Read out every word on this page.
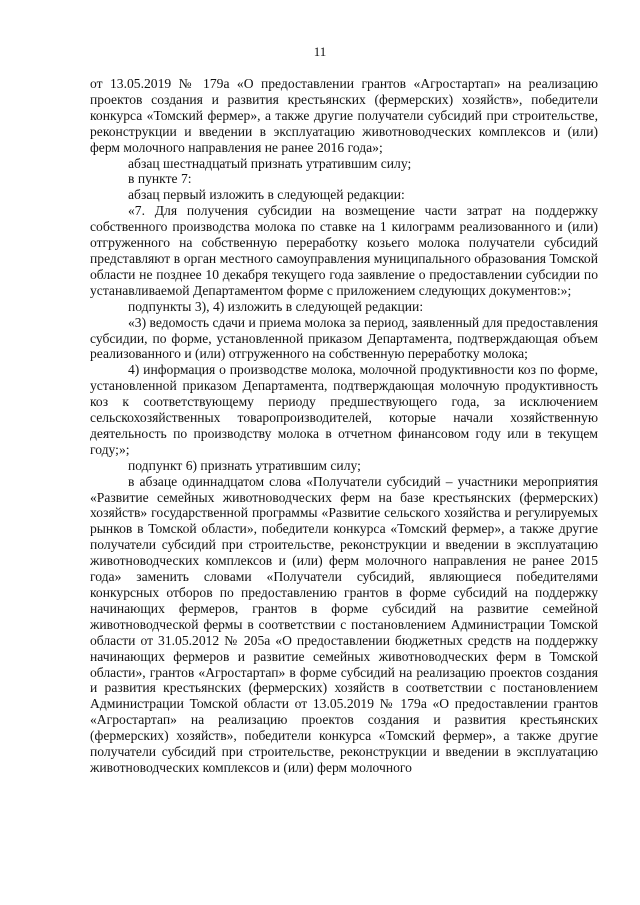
11

от 13.05.2019 № 179а «О предоставлении грантов «Агростартап» на реализацию проектов создания и развития крестьянских (фермерских) хозяйств», победители конкурса «Томский фермер», а также другие получатели субсидий при строительстве, реконструкции и введении в эксплуатацию животноводческих комплексов и (или) ферм молочного направления не ранее 2016 года»;

абзац шестнадцатый признать утратившим силу;

в пункте 7:

абзац первый изложить в следующей редакции:

«7. Для получения субсидии на возмещение части затрат на поддержку собственного производства молока по ставке на 1 килограмм реализованного и (или) отгруженного на собственную переработку козьего молока получатели субсидий представляют в орган местного самоуправления муниципального образования Томской области не позднее 10 декабря текущего года заявление о предоставлении субсидии по устанавливаемой Департаментом форме с приложением следующих документов:»;

подпункты 3), 4) изложить в следующей редакции:

«3) ведомость сдачи и приема молока за период, заявленный для предоставления субсидии, по форме, установленной приказом Департамента, подтверждающая объем реализованного и (или) отгруженного на собственную переработку молока;

4) информация о производстве молока, молочной продуктивности коз по форме, установленной приказом Департамента, подтверждающая молочную продуктивность коз к соответствующему периоду предшествующего года, за исключением сельскохозяйственных товаропроизводителей, которые начали хозяйственную деятельность по производству молока в отчетном финансовом году или в текущем году;»;

подпункт 6) признать утратившим силу;

в абзаце одиннадцатом слова «Получатели субсидий – участники мероприятия «Развитие семейных животноводческих ферм на базе крестьянских (фермерских) хозяйств» государственной программы «Развитие сельского хозяйства и регулируемых рынков в Томской области», победители конкурса «Томский фермер», а также другие получатели субсидий при строительстве, реконструкции и введении в эксплуатацию животноводческих комплексов и (или) ферм молочного направления не ранее 2015 года» заменить словами «Получатели субсидий, являющиеся победителями конкурсных отборов по предоставлению грантов в форме субсидий на поддержку начинающих фермеров, грантов в форме субсидий на развитие семейной животноводческой фермы в соответствии с постановлением Администрации Томской области от 31.05.2012 № 205а «О предоставлении бюджетных средств на поддержку начинающих фермеров и развитие семейных животноводческих ферм в Томской области», грантов «Агростартап» в форме субсидий на реализацию проектов создания и развития крестьянских (фермерских) хозяйств в соответствии с постановлением Администрации Томской области от 13.05.2019 № 179а «О предоставлении грантов «Агростартап» на реализацию проектов создания и развития крестьянских (фермерских) хозяйств», победители конкурса «Томский фермер», а также другие получатели субсидий при строительстве, реконструкции и введении в эксплуатацию животноводческих комплексов и (или) ферм молочного
